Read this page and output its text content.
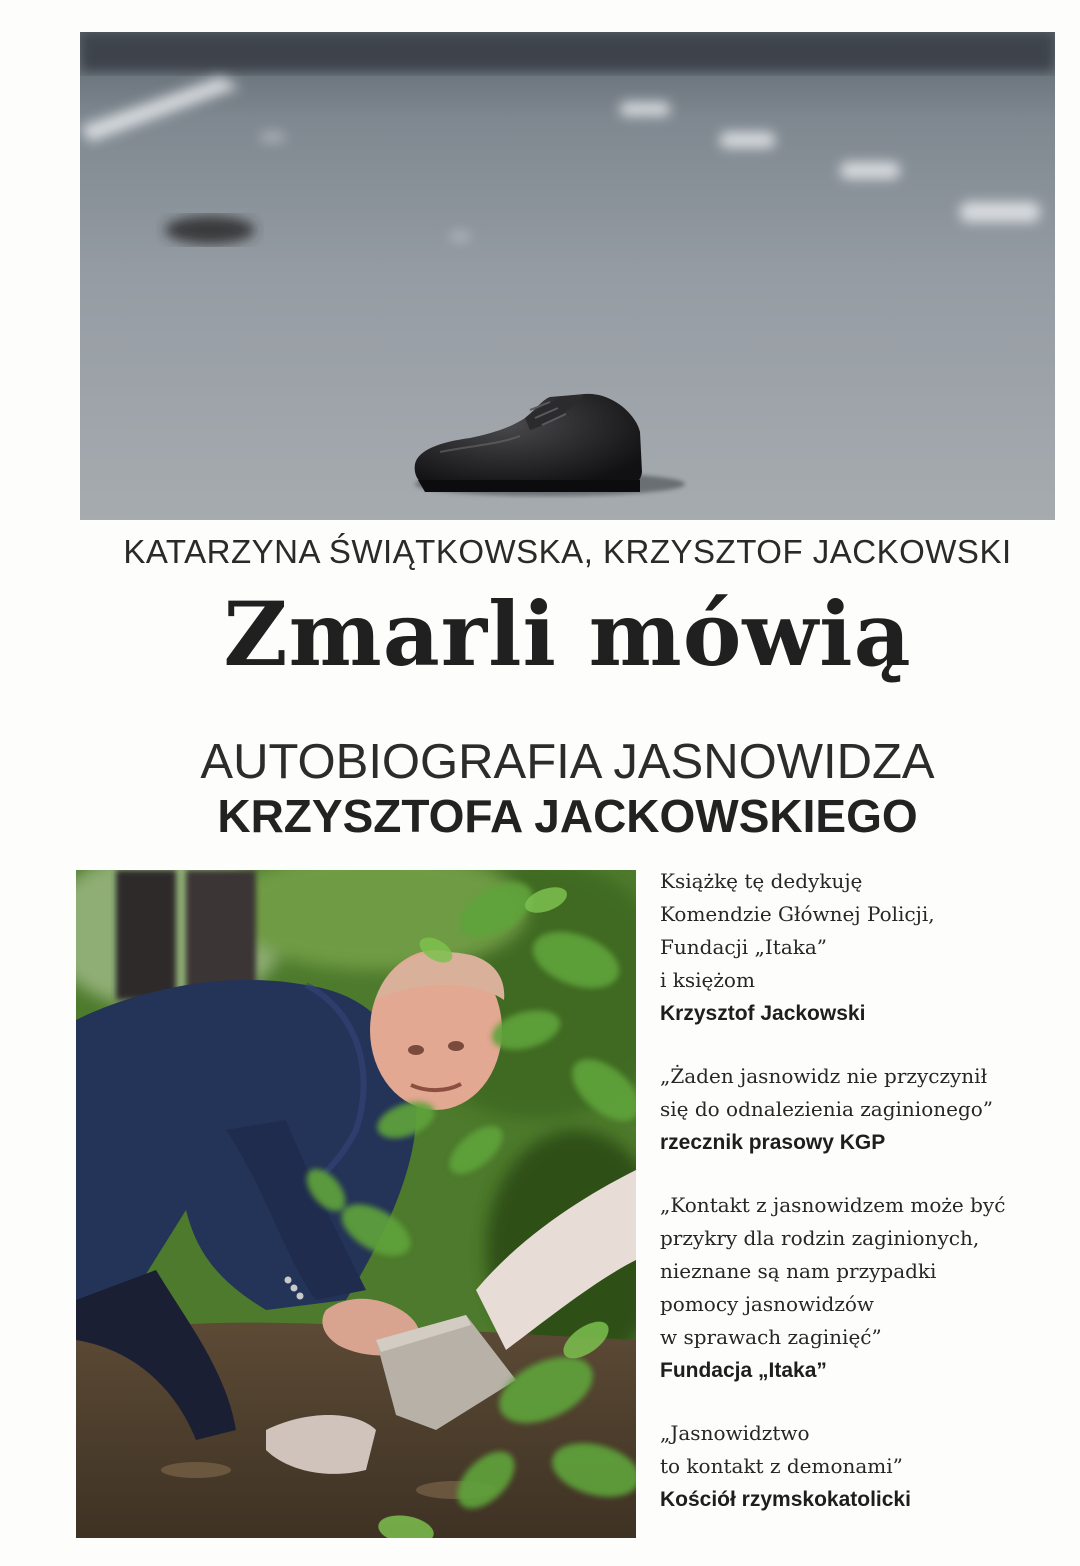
KATARZYNA ŚWIĄTKOWSKA, KRZYSZTOF JACKOWSKI
Zmarli mówią
AUTOBIOGRAFIA JASNOWIDZA
KRZYSZTOFA JACKOWSKIEGO
Książkę tę dedykuję
Komendzie Głównej Policji,
Fundacji „Itaka”
i księżom
Krzysztof Jackowski
„Żaden jasnowidz nie przyczynił
się do odnalezienia zaginionego”
rzecznik prasowy KGP
„Kontakt z jasnowidzem może być
przykry dla rodzin zaginionych,
nieznane są nam przypadki
pomocy jasnowidzów
w sprawach zaginięć”
Fundacja „Itaka”
„Jasnowidztwo
to kontakt z demonami”
Kościół rzymskokatolicki
